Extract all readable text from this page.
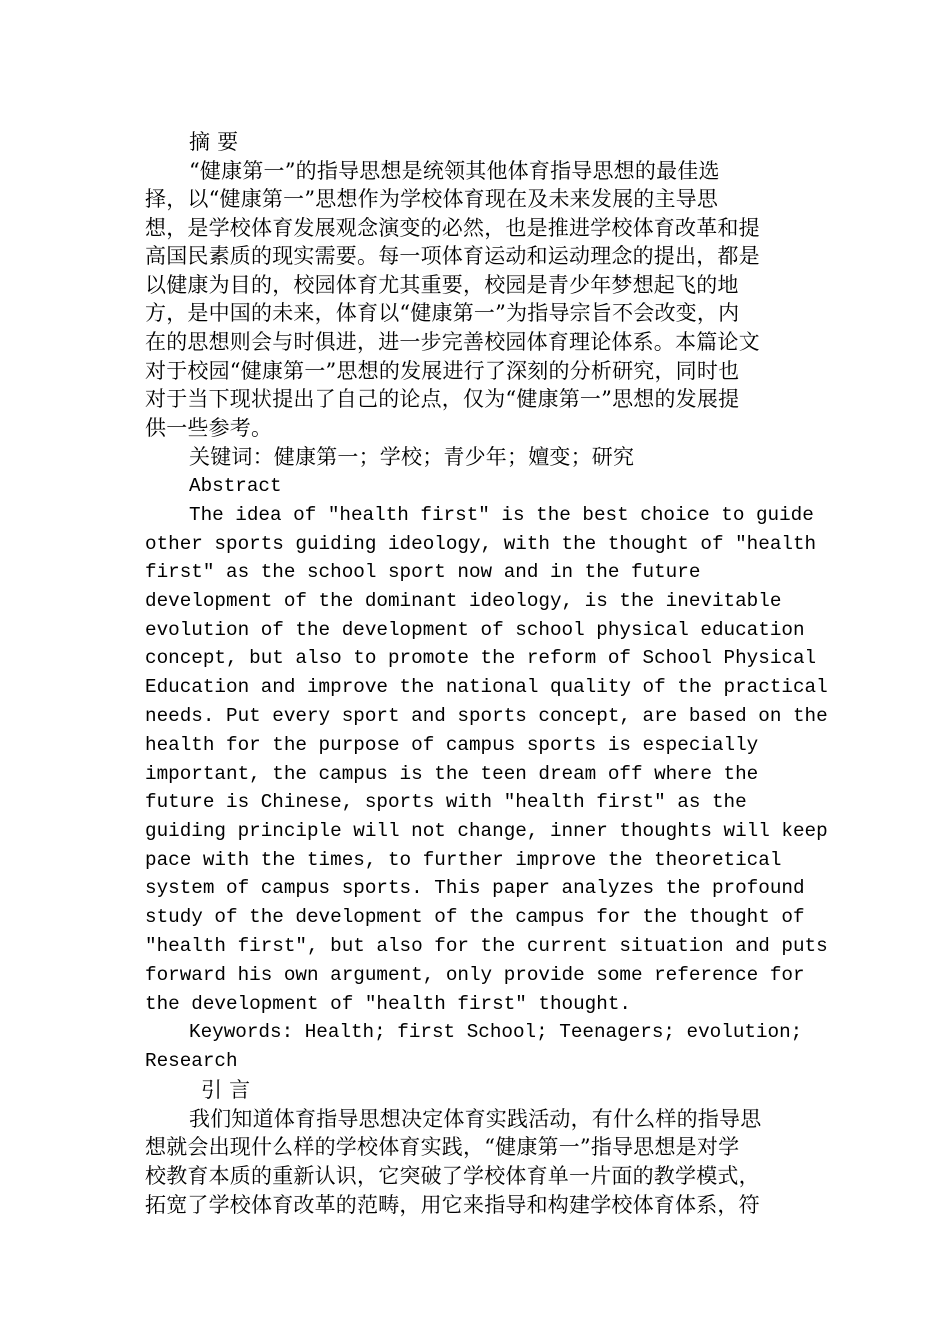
摘 要
“健康第一”的指导思想是统领其他体育指导思想的最佳选
择，以“健康第一”思想作为学校体育现在及未来发展的主导思
想，是学校体育发展观念演变的必然，也是推进学校体育改革和提
高国民素质的现实需要。每一项体育运动和运动理念的提出，都是
以健康为目的，校园体育尤其重要，校园是青少年梦想起飞的地
方，是中国的未来，体育以“健康第一”为指导宗旨不会改变，内
在的思想则会与时俱进，进一步完善校园体育理论体系。本篇论文
对于校园“健康第一”思想的发展进行了深刻的分析研究，同时也
对于当下现状提出了自己的论点，仅为“健康第一”思想的发展提
供一些参考。
关键词：健康第一；学校；青少年；嬗变；研究
Abstract
The idea of "health first" is the best choice to guide
other sports guiding ideology, with the thought of "health
first" as the school sport now and in the future
development of the dominant ideology, is the inevitable
evolution of the development of school physical education
concept, but also to promote the reform of School Physical
Education and improve the national quality of the practical
needs. Put every sport and sports concept, are based on the
health for the purpose of campus sports is especially
important, the campus is the teen dream off where the
future is Chinese, sports with "health first" as the
guiding principle will not change, inner thoughts will keep
pace with the times, to further improve the theoretical
system of campus sports. This paper analyzes the profound
study of the development of the campus for the thought of
"health first", but also for the current situation and puts
forward his own argument, only provide some reference for
the development of "health first" thought.
Keywords: Health; first School; Teenagers; evolution;
Research
引 言
我们知道体育指导思想决定体育实践活动，有什么样的指导思
想就会出现什么样的学校体育实践，“健康第一”指导思想是对学
校教育本质的重新认识，它突破了学校体育单一片面的教学模式，
拓宽了学校体育改革的范畴，用它来指导和构建学校体育体系，符
